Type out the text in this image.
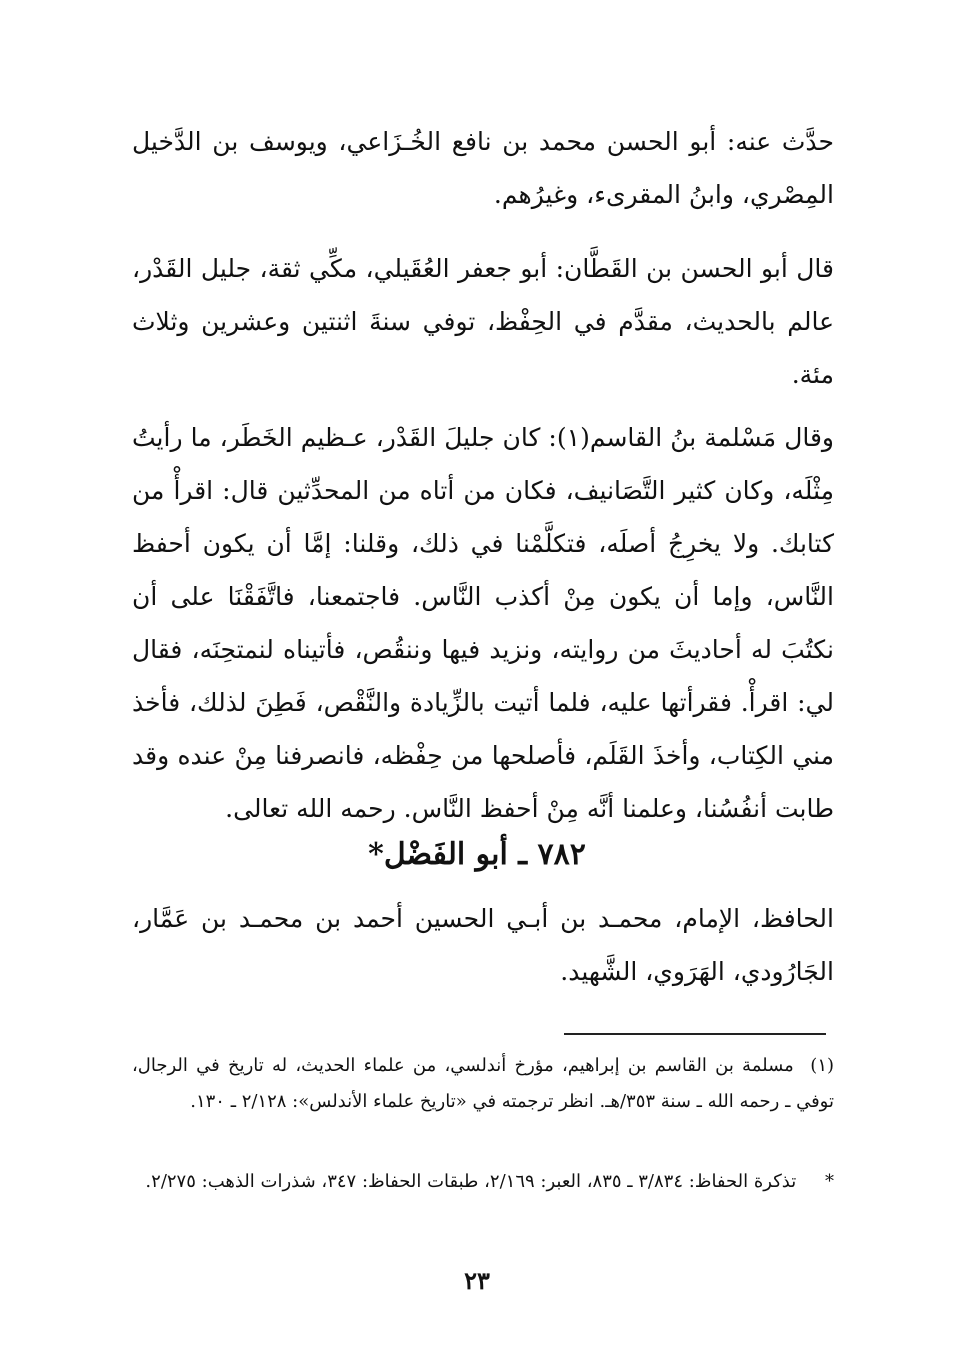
حدَّث عنه: أبو الحسن محمد بن نافع الخُـزَاعي، ويوسف بن الدَّخيل المِصْري، وابنُ المقرىء، وغيرُهم.

قال أبو الحسن بن القَطَّان: أبو جعفر العُقَيلي، مكِّي ثقة، جليل القَدْر، عالم بالحديث، مقدَّم في الحِفْظ، توفي سنةَ اثنتين وعشرين وثلاث مئة.

وقال مَسْلمة بنُ القاسم(١): كان جليلَ القَدْر، عـظيم الخَطَر، ما رأيتُ مِثْلَه، وكان كثير التَّصَانيف، فكان من أتاه من المحدِّثين قال: اقرأْ من كتابك. ولا يخرِجُ أصلَه، فتكلَّمْنا في ذلك، وقلنا: إمَّا أن يكون أحفظ النَّاس، وإما أن يكون مِنْ أكذب النَّاس. فاجتمعنا، فاتَّفَقْنَا على أن نكتُبَ له أحاديثَ من روايته، ونزيد فيها وننقُص، فأتيناه لنمتحِنَه، فقال لي: اقرأْ. فقرأتها عليه، فلما أتيت بالزِّيادة والنَّقْص، فَطِنَ لذلك، فأخذ مني الكِتاب، وأخذَ القَلَم، فأصلحها من حِفْظه، فانصرفنا مِنْ عنده وقد طابت أنفُسُنا، وعلمنا أنَّه مِنْ أحفظ النَّاس. رحمه الله تعالى.

٧٨٢ ـ أبو الفَضْل*

الحافظ، الإمام، محمـد بن أبـي الحسين أحمد بن محمـد بن عَمَّار، الجَارُودي، الهَرَوي، الشَّهيد.

(١) مسلمة بن القاسم بن إبراهيم، مؤرخ أندلسي، من علماء الحديث، له تاريخ في الرجال، توفي ـ رحمه الله ـ سنة ٣٥٣/هـ. انظر ترجمته في «تاريخ علماء الأندلس»: ٢/١٢٨ ـ ١٣٠.
* تذكرة الحفاظ: ٣/٨٣٤ ـ ٨٣٥، العبر: ٢/١٦٩، طبقات الحفاظ: ٣٤٧، شذرات الذهب: ٢/٢٧٥.
٢٣
